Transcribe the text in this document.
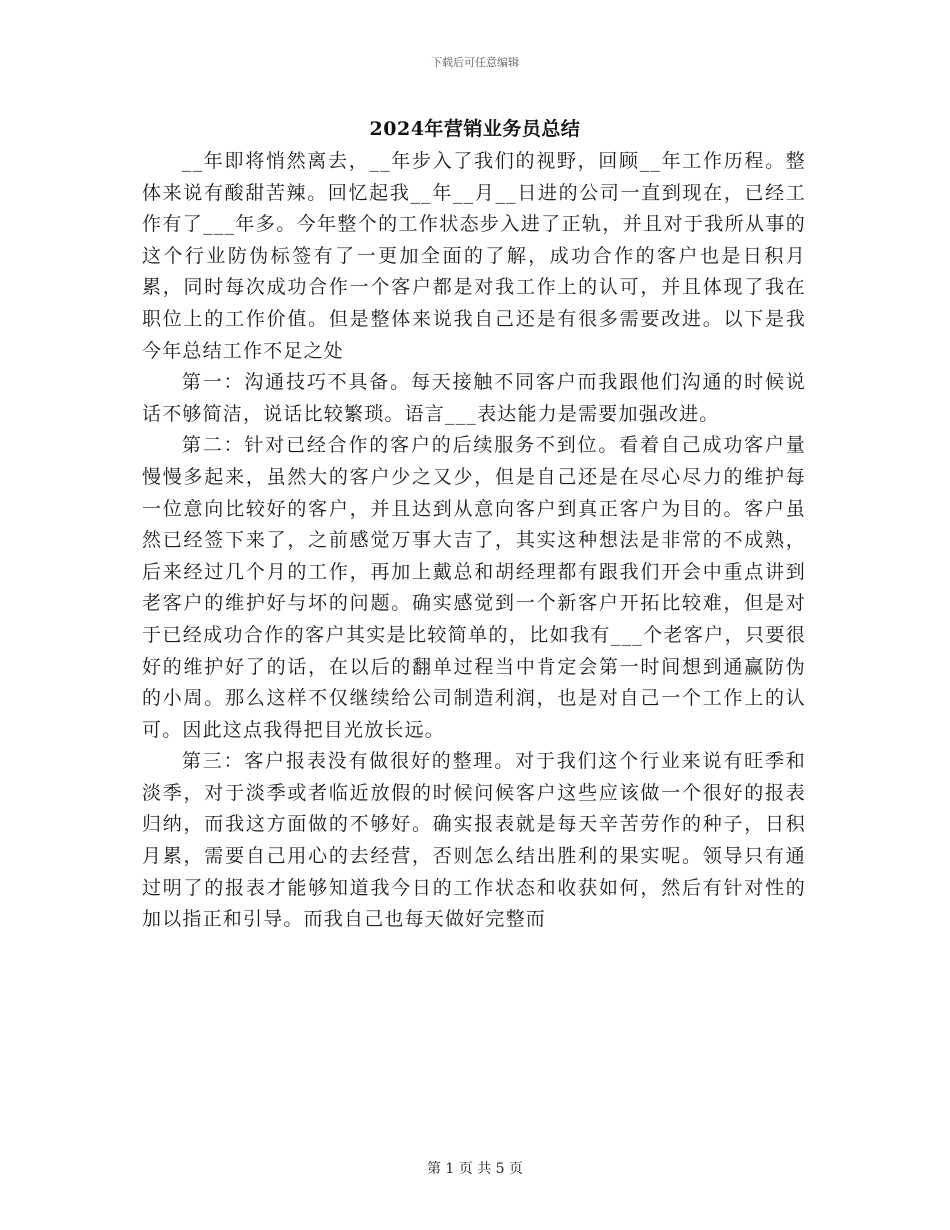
下载后可任意编辑
2024年营销业务员总结

__年即将悄然离去，__年步入了我们的视野，回顾__年工作历程。整体来说有酸甜苦辣。回忆起我__年__月__日进的公司一直到现在，已经工作有了___年多。今年整个的工作状态步入进了正轨，并且对于我所从事的这个行业防伪标签有了一更加全面的了解，成功合作的客户也是日积月累，同时每次成功合作一个客户都是对我工作上的认可，并且体现了我在职位上的工作价值。但是整体来说我自己还是有很多需要改进。以下是我今年总结工作不足之处

第一：沟通技巧不具备。每天接触不同客户而我跟他们沟通的时候说话不够简洁，说话比较繁琐。语言___表达能力是需要加强改进。

第二：针对已经合作的客户的后续服务不到位。看着自己成功客户量慢慢多起来，虽然大的客户少之又少，但是自己还是在尽心尽力的维护每一位意向比较好的客户，并且达到从意向客户到真正客户为目的。客户虽然已经签下来了，之前感觉万事大吉了，其实这种想法是非常的不成熟，后来经过几个月的工作，再加上戴总和胡经理都有跟我们开会中重点讲到老客户的维护好与坏的问题。确实感觉到一个新客户开拓比较难，但是对于已经成功合作的客户其实是比较简单的，比如我有___个老客户，只要很好的维护好了的话，在以后的翻单过程当中肯定会第一时间想到通赢防伪的小周。那么这样不仅继续给公司制造利润，也是对自己一个工作上的认可。因此这点我得把目光放长远。

第三：客户报表没有做很好的整理。对于我们这个行业来说有旺季和淡季，对于淡季或者临近放假的时候问候客户这些应该做一个很好的报表归纳，而我这方面做的不够好。确实报表就是每天辛苦劳作的种子，日积月累，需要自己用心的去经营，否则怎么结出胜利的果实呢。领导只有通过明了的报表才能够知道我今日的工作状态和收获如何，然后有针对性的加以指正和引导。而我自己也每天做好完整而

第 1 页 共 5 页
